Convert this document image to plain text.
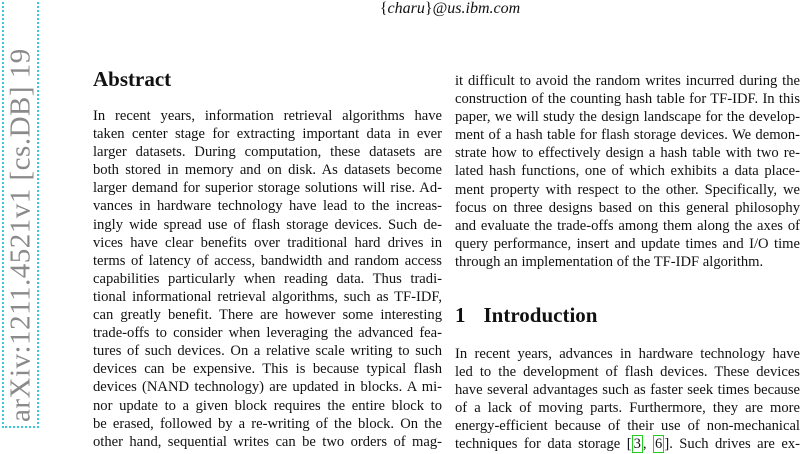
arXiv:1211.4521v1 [cs.DB] 19
{charu}@us.ibm.com
Abstract
In recent years, information retrieval algorithms have
taken center stage for extracting important data in ever
larger datasets. During computation, these datasets are
both stored in memory and on disk. As datasets become
larger demand for superior storage solutions will rise. Ad-
vances in hardware technology have lead to the increas-
ingly wide spread use of flash storage devices. Such de-
vices have clear benefits over traditional hard drives in
terms of latency of access, bandwidth and random access
capabilities particularly when reading data. Thus tradi-
tional informational retrieval algorithms, such as TF-IDF,
can greatly benefit. There are however some interesting
trade-offs to consider when leveraging the advanced fea-
tures of such devices. On a relative scale writing to such
devices can be expensive. This is because typical flash
devices (NAND technology) are updated in blocks. A mi-
nor update to a given block requires the entire block to
be erased, followed by a re-writing of the block. On the
other hand, sequential writes can be two orders of mag-
it difficult to avoid the random writes incurred during the
construction of the counting hash table for TF-IDF. In this
paper, we will study the design landscape for the develop-
ment of a hash table for flash storage devices. We demon-
strate how to effectively design a hash table with two re-
lated hash functions, one of which exhibits a data place-
ment property with respect to the other. Specifically, we
focus on three designs based on this general philosophy
and evaluate the trade-offs among them along the axes of
query performance, insert and update times and I/O time
through an implementation of the TF-IDF algorithm.
1 Introduction
In recent years, advances in hardware technology have
led to the development of flash devices. These devices
have several advantages such as faster seek times because
of a lack of moving parts. Furthermore, they are more
energy-efficient because of their use of non-mechanical
techniques for data storage [ 3 , 6 ]. Such drives are ex-
